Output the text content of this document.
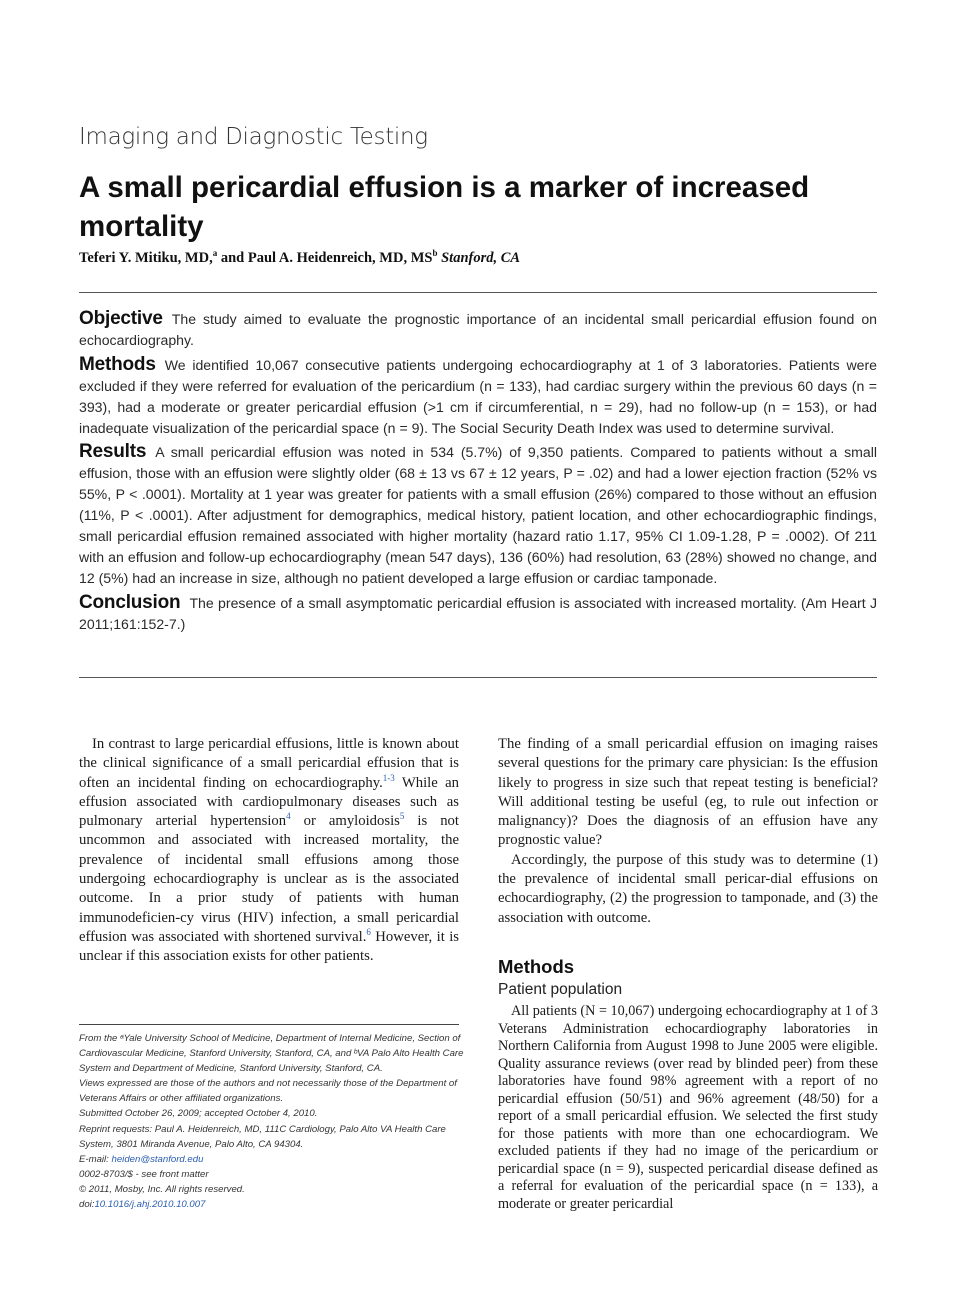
Imaging and Diagnostic Testing
A small pericardial effusion is a marker of increased mortality
Teferi Y. Mitiku, MD,$^a$ and Paul A. Heidenreich, MD, $MS^b$ Stanford, CA

Objective The study aimed to evaluate the prognostic importance of an incidental small pericardial effusion found on echocardiography.

Methods We identified 10,067 consecutive patients undergoing echocardiography at 1 of 3 laboratories. Patients were excluded if they were referred for evaluation of the pericardium (n = 133), had cardiac surgery within the previous 60 days (n = 393), had a moderate or greater pericardial effusion (>1 cm if circumferential, n = 29), had no follow-up (n = 153), or had inadequate visualization of the pericardial space (n = 9). The Social Security Death Index was used to determine survival.

Results A small pericardial effusion was noted in 534 (5.7%) of 9,350 patients. Compared to patients without a small effusion, those with an effusion were slightly older (68 ± 13 vs 67 ± 12 years, P = .02) and had a lower ejection fraction (52% vs 55%, P < .0001). Mortality at 1 year was greater for patients with a small effusion (26%) compared to those without an effusion (11%, P < .0001). After adjustment for demographics, medical history, patient location, and other echocardiographic findings, small pericardial effusion remained associated with higher mortality (hazard ratio 1.17, 95% CI 1.09-1.28, P = .0002). Of 211 with an effusion and follow-up echocardiography (mean 547 days), 136 (60%) had resolution, 63 (28%) showed no change, and 12 (5%) had an increase in size, although no patient developed a large effusion or cardiac tamponade.

Conclusion The presence of a small asymptomatic pericardial effusion is associated with increased mortality. (Am Heart J 2011;161:152-7.)

In contrast to large pericardial effusions, little is known about the clinical significance of a small pericardial effusion that is often an incidental finding on echocardiography.$^{1-3}$ While an effusion associated with cardiopulmonary diseases such as pulmonary arterial hypertension$^4$ or amyloidosis$^5$ is not uncommon and associated with increased mortality, the prevalence of incidental small effusions among those undergoing echocardiography is unclear as is the associated outcome. In a prior study of patients with human immunodeficien-cy virus (HIV) infection, a small pericardial effusion was associated with shortened survival.$^6$ However, it is unclear if this association exists for other patients.

The finding of a small pericardial effusion on imaging raises several questions for the primary care physician: Is the effusion likely to progress in size such that repeat testing is beneficial? Will additional testing be useful (eg, to rule out infection or malignancy)? Does the diagnosis of an effusion have any prognostic value?

Accordingly, the purpose of this study was to determine (1) the prevalence of incidental small pericar-dial effusions on echocardiography, (2) the progression to tamponade, and (3) the association with outcome.

Methods
Patient population

All patients (N = 10,067) undergoing echocardiography at 1 of 3 Veterans Administration echocardiography laboratories in Northern California from August 1998 to June 2005 were eligible. Quality assurance reviews (over read by blinded peer) from these laboratories have found 98% agreement with a report of no pericardial effusion (50/51) and 96% agreement (48/50) for a report of a small pericardial effusion. We selected the first study for those patients with more than one echocardiogram. We excluded patients if they had no image of the pericardium or pericardial space (n = 9), suspected pericardial disease defined as a referral for evaluation of the pericardial space (n = 133), a moderate or greater pericardial

From the ᵃYale University School of Medicine, Department of Internal Medicine, Section of Cardiovascular Medicine, Stanford University, Stanford, CA, and ᵇVA Palo Alto Health Care System and Department of Medicine, Stanford University, Stanford, CA.
Views expressed are those of the authors and not necessarily those of the Department of Veterans Affairs or other affiliated organizations.
Submitted October 26, 2009; accepted October 4, 2010.
Reprint requests: Paul A. Heidenreich, MD, 111C Cardiology, Palo Alto VA Health Care System, 3801 Miranda Avenue, Palo Alto, CA 94304.
E-mail: heiden@stanford.edu
0002-8703/$ - see front matter
© 2011, Mosby, Inc. All rights reserved.
doi:10.1016/j.ahj.2010.10.007
